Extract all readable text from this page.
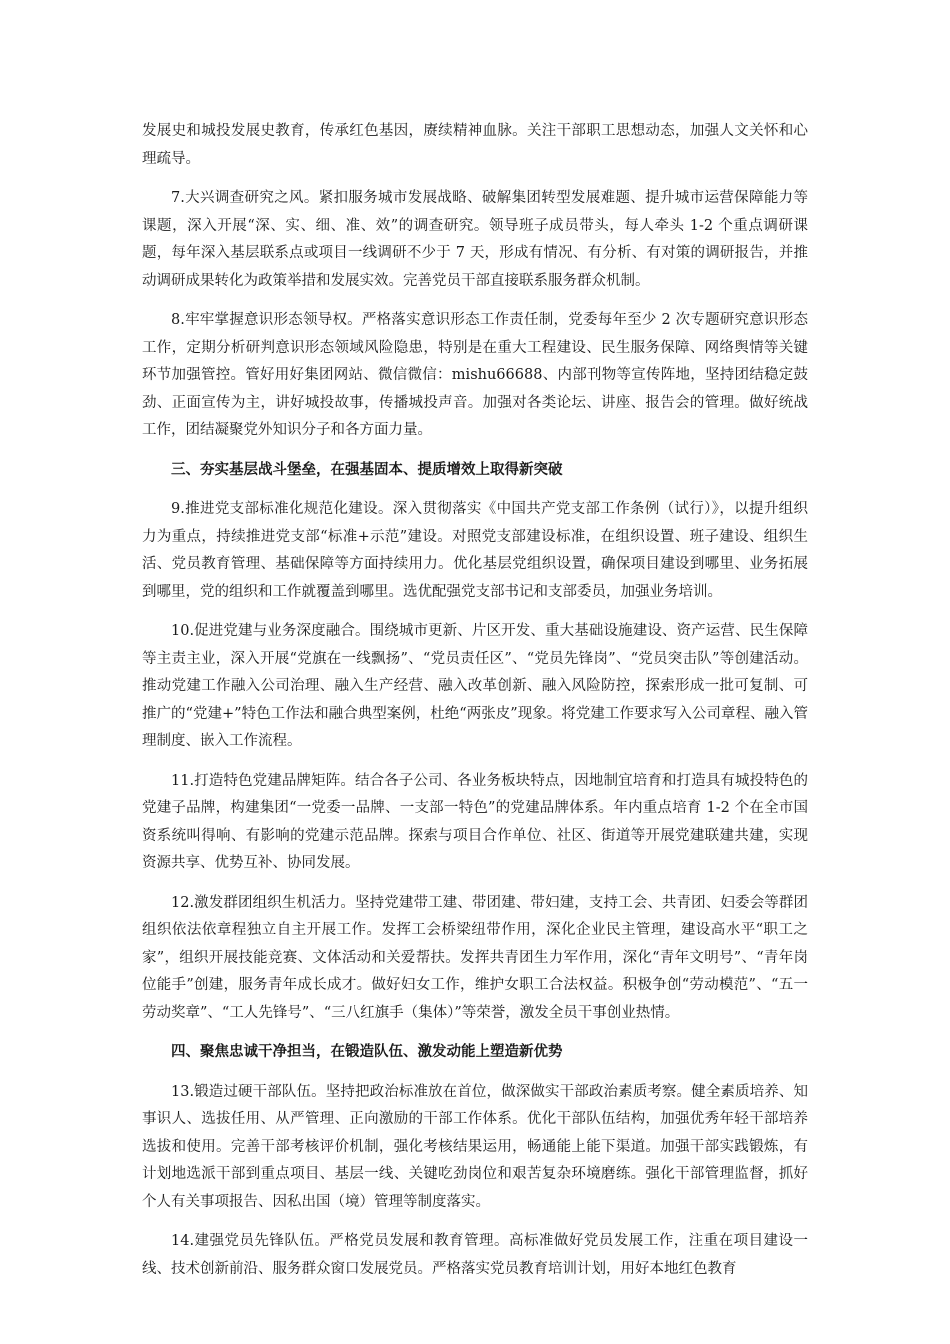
发展史和城投发展史教育，传承红色基因，赓续精神血脉。关注干部职工思想动态，加强人文关怀和心理疏导。

7.大兴调查研究之风。紧扣服务城市发展战略、破解集团转型发展难题、提升城市运营保障能力等课题，深入开展“深、实、细、准、效”的调查研究。领导班子成员带头，每人牵头 1-2 个重点调研课题，每年深入基层联系点或项目一线调研不少于 7 天，形成有情况、有分析、有对策的调研报告，并推动调研成果转化为政策举措和发展实效。完善党员干部直接联系服务群众机制。

8.牢牢掌握意识形态领导权。严格落实意识形态工作责任制，党委每年至少 2 次专题研究意识形态工作，定期分析研判意识形态领域风险隐患，特别是在重大工程建设、民生服务保障、网络舆情等关键环节加强管控。管好用好集团网站、微信微信：mishu66688、内部刊物等宣传阵地，坚持团结稳定鼓劲、正面宣传为主，讲好城投故事，传播城投声音。加强对各类论坛、讲座、报告会的管理。做好统战工作，团结凝聚党外知识分子和各方面力量。

三、夯实基层战斗堡垒，在强基固本、提质增效上取得新突破

9.推进党支部标准化规范化建设。深入贯彻落实《中国共产党支部工作条例（试行）》，以提升组织力为重点，持续推进党支部“标准+示范”建设。对照党支部建设标准，在组织设置、班子建设、组织生活、党员教育管理、基础保障等方面持续用力。优化基层党组织设置，确保项目建设到哪里、业务拓展到哪里，党的组织和工作就覆盖到哪里。选优配强党支部书记和支部委员，加强业务培训。

10.促进党建与业务深度融合。围绕城市更新、片区开发、重大基础设施建设、资产运营、民生保障等主责主业，深入开展“党旗在一线飘扬”、“党员责任区”、“党员先锋岗”、“党员突击队”等创建活动。推动党建工作融入公司治理、融入生产经营、融入改革创新、融入风险防控，探索形成一批可复制、可推广的“党建+”特色工作法和融合典型案例，杜绝“两张皮”现象。将党建工作要求写入公司章程、融入管理制度、嵌入工作流程。

11.打造特色党建品牌矩阵。结合各子公司、各业务板块特点，因地制宜培育和打造具有城投特色的党建子品牌，构建集团“一党委一品牌、一支部一特色”的党建品牌体系。年内重点培育 1-2 个在全市国资系统叫得响、有影响的党建示范品牌。探索与项目合作单位、社区、街道等开展党建联建共建，实现资源共享、优势互补、协同发展。

12.激发群团组织生机活力。坚持党建带工建、带团建、带妇建，支持工会、共青团、妇委会等群团组织依法依章程独立自主开展工作。发挥工会桥梁纽带作用，深化企业民主管理，建设高水平“职工之家”，组织开展技能竞赛、文体活动和关爱帮扶。发挥共青团生力军作用，深化“青年文明号”、“青年岗位能手”创建，服务青年成长成才。做好妇女工作，维护女职工合法权益。积极争创“劳动模范”、“五一劳动奖章”、“工人先锋号”、“三八红旗手（集体）”等荣誉，激发全员干事创业热情。

四、聚焦忠诚干净担当，在锻造队伍、激发动能上塑造新优势

13.锻造过硬干部队伍。坚持把政治标准放在首位，做深做实干部政治素质考察。健全素质培养、知事识人、选拔任用、从严管理、正向激励的干部工作体系。优化干部队伍结构，加强优秀年轻干部培养选拔和使用。完善干部考核评价机制，强化考核结果运用，畅通能上能下渠道。加强干部实践锻炼，有计划地选派干部到重点项目、基层一线、关键吃劲岗位和艰苦复杂环境磨练。强化干部管理监督，抓好个人有关事项报告、因私出国（境）管理等制度落实。

14.建强党员先锋队伍。严格党员发展和教育管理。高标准做好党员发展工作，注重在项目建设一线、技术创新前沿、服务群众窗口发展党员。严格落实党员教育培训计划，用好本地红色教育
